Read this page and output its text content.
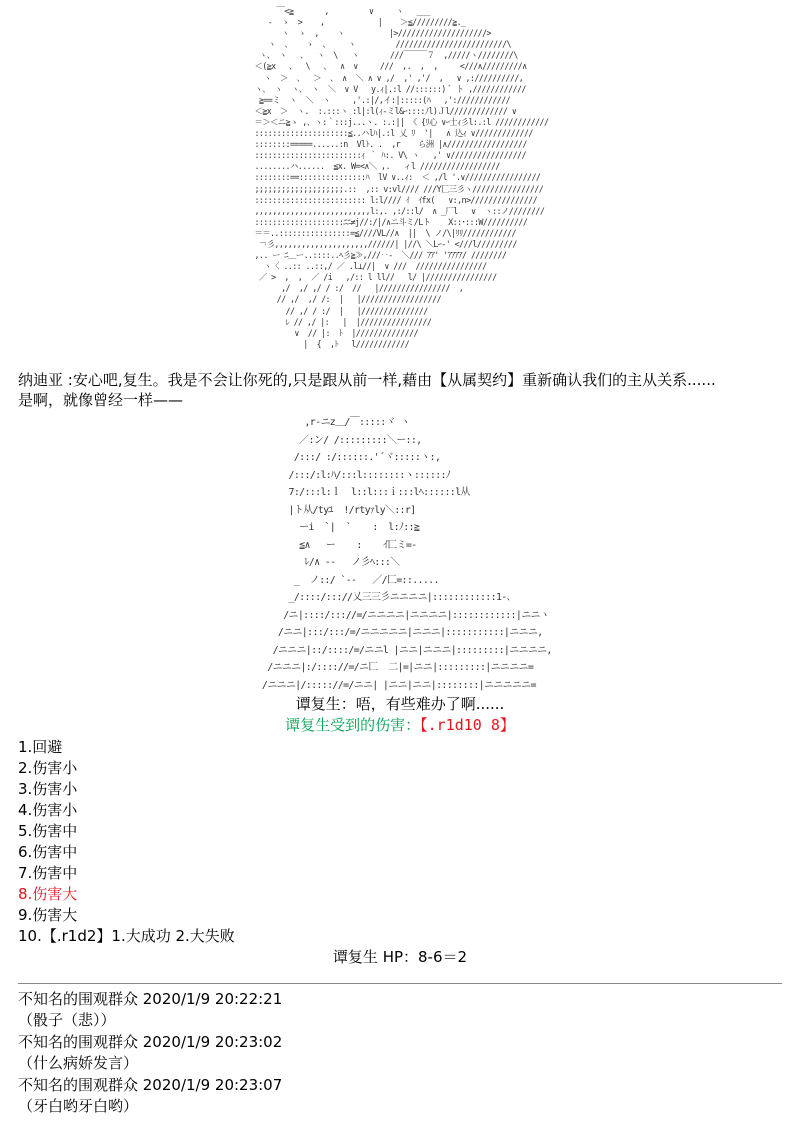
￣<≧       ,         ∨     ヽ   ___
-  ゝ  >    ,            |    ＞≦/////////≧._
ヽ  ゝ  ,    ヽ          |>////////////////////>
ヽ  、   ゝ  、    ヽ         /////////////////////////\
ヽ、 ヽ   、  ヽ  \   ヽ       ///￣￣￣７  ,/////ヽ////////\
＜(≧x   、  \   、  ∧  ∨     ///  ,.  ,  ,     <///∧/////////∧
ヽ  ＞  、  ＞  、 ∧  ＼ ∧ ∨ ,/  ,' ,'/  ,   ∨ ,://////////,
ヽ、 ヽ  ヽ、 ヽ  ＼  ∨ V   y.ｨ|.:l //::::::) ﾞ ト ,////////////
≧==ミ  ヽ  ＼  ヽ     ,'.:|/,イ:|:::::(ﾊ   ,':////////////
＜≧x  ＞  ヽ.  :.:::ヽ :l|:l(ｨ-ミl&ｰ::::ﾉl)Ｊl///////////// ∨
＝＞＜ニ≧ゝ ,、ヽ:｀:::j...ヽ. :.:|| 《 {ﾘ心 ∨ｰ士ｨ彡l:.:l ////////////
:::::::::::::::::::::≦..ハlﾊ|.:l 乂 ﾘ  '|   ∧ 込ｨ ∨/////////////
::::::::=====......:n  Vlﾄ. .  ,r    ら洲 |∧//////////////////
::::::::::::::::::::::::ｨ ｀ ﾊ:. V\ ヽ   ,' ∨/////////////////
........ハ......  ≦x. W=<∧＼ ,.   ィl //////////////////
::::::::==:::::::::::::::ﾊ  lV ∨..ｨ:  ＜ ,/l '.∨/////////////////
;;;;;;;;;;;;;;;;;;;;.::  ,:: v:vl//// ///Y匚三彡ヽ////////////////
::::::::::::::::::::::::: l:l//// ｲ  ｲfx(   ∨:,n>///////////////
,,,,,,,,,,,,,,,,,,,,,,,,,,l:,. ,:/::l/  ∧ _厂l   ∨  ヽ::ノ////////
::::::::::::::::::::ﾆﾆ≠j//:/|/∧ニ斗ミ/Lト    X::･:::W//////////
＝＝..::::::::::::::::=≦////VL//∧  ||  \ ノ/\|ﾘﾘ////////////
￢彡,,,,,,,,,,,,,,,,,,,,,//////| |//\ ＼Lｰ-' <///l/////////
,.. ー ﾆ＿ー..::::..ﾍ彡≧≫,///‥-  ＼/// ｱｱ' 'ｱｱｱｱ/ ////////
ヽ〈 ..:: ..::,/ ／ .l⊥//|  ∨ ///  ////////////////
／ >  ,  ,  ／ /i   ,/:: l ll//   l/ |////////////////
,/  ,/ ,/ / :/  //   |////////////////  ,
// ,/  ,/ /:  |   |//////////////////
// ,/ / :/  |   |///////////////
ﾚ // ,/ |:   |  |////////////////
∨  // |:  ﾄ  |//////////////
|  {  ,ﾄ   l////////////
纳迪亚 :安心吧,复生。我是不会让你死的,只是跟从前一样,藉由【从属契约】重新确认我们的主从关系......
是啊，就像曾经一样——
,r-ニz＿/￣:::::ヾ ヽ
／:ン/ /:::::::::＼ー::,
/:::/ :/::::::.'´ヾ:::::ヽ:,
/:::/:l:ﾊ/:::l::::::::ヽ::::::ﾉ
7:/:::l:ｌ  l::l:::ｉ:::lﾍ::::::l从
|ト从/tyﾕ  !/rtyｧly＼::r]
ーi  `|  `    :  l:ﾉ::≧
≦∧   ー    :    ｲ匸ミ=-
ﾚ/∧ --   ノ彡ﾍ:::＼
_  ノ::/ `--   ／/匚=::.....
_/::::/::://乂三三彡ニニニニ|::::::::::::1-､
/ニ|::::/::://=/ニニニニ|ニニニニ|::::::::::::|ニニヽ
/ニニ|:::/:::/=/ニニニニニ|ニニニ|:::::::::::|ニニニ,
/ニニニ|::/::::/=/ニニl |ニニ|ニニニ|:::::::::|ニニニニ,
/ニニニ|:/:::://=/ニ匚  二|=|ニニ|:::::::::|ニニニニ=
/ニニニ|/::::://=/ニニ| |ニニ|ニニ|::::::::|ニニニニニ=
谭复生：唔，有些难办了啊......
谭复生受到的伤害：【.r1d10 8】
1.回避
2.伤害小
3.伤害小
4.伤害小
5.伤害中
6.伤害中
7.伤害中
8.伤害大
9.伤害大
10.【.r1d2】1.大成功 2.大失败
谭复生 HP：8-6＝2
不知名的围观群众 2020/1/9 20:22:21
（骰子（悲））
不知名的围观群众 2020/1/9 20:23:02
（什么病娇发言）
不知名的围观群众 2020/1/9 20:23:07
（牙白哟牙白哟）
